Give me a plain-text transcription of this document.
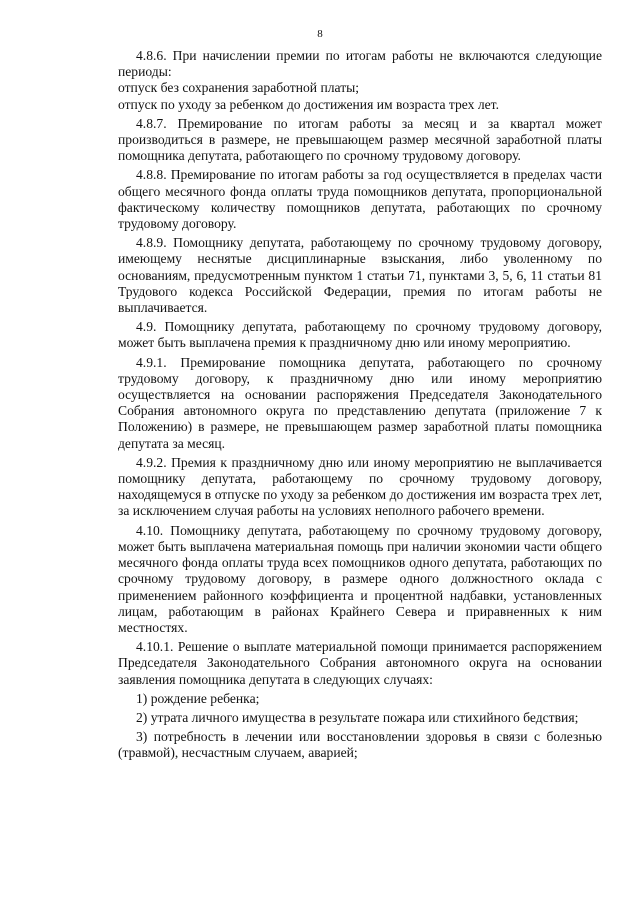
8

4.8.6. При начислении премии по итогам работы не включаются следующие периоды:

отпуск без сохранения заработной платы;

отпуск по уходу за ребенком до достижения им возраста трех лет.

4.8.7. Премирование по итогам работы за месяц и за квартал может производиться в размере, не превышающем размер месячной заработной платы помощника депутата, работающего по срочному трудовому договору.

4.8.8. Премирование по итогам работы за год осуществляется в пределах части общего месячного фонда оплаты труда помощников депутата, пропорциональной фактическому количеству помощников депутата, работающих по срочному трудовому договору.

4.8.9. Помощнику депутата, работающему по срочному трудовому договору, имеющему неснятые дисциплинарные взыскания, либо уволенному по основаниям, предусмотренным пунктом 1 статьи 71, пунктами 3, 5, 6, 11 статьи 81 Трудового кодекса Российской Федерации, премия по итогам работы не выплачивается.

4.9. Помощнику депутата, работающему по срочному трудовому договору, может быть выплачена премия к праздничному дню или иному мероприятию.

4.9.1. Премирование помощника депутата, работающего по срочному трудовому договору, к праздничному дню или иному мероприятию осуществляется на основании распоряжения Председателя Законодательного Собрания автономного округа по представлению депутата (приложение 7 к Положению) в размере, не превышающем размер заработной платы помощника депутата за месяц.

4.9.2. Премия к праздничному дню или иному мероприятию не выплачивается помощнику депутата, работающему по срочному трудовому договору, находящемуся в отпуске по уходу за ребенком до достижения им возраста трех лет, за исключением случая работы на условиях неполного рабочего времени.

4.10. Помощнику депутата, работающему по срочному трудовому договору, может быть выплачена материальная помощь при наличии экономии части общего месячного фонда оплаты труда всех помощников одного депутата, работающих по срочному трудовому договору, в размере одного должностного оклада с применением районного коэффициента и процентной надбавки, установленных лицам, работающим в районах Крайнего Севера и приравненных к ним местностях.

4.10.1. Решение о выплате материальной помощи принимается распоряжением Председателя Законодательного Собрания автономного округа на основании заявления помощника депутата в следующих случаях:

1) рождение ребенка;

2) утрата личного имущества в результате пожара или стихийного бедствия;

3) потребность в лечении или восстановлении здоровья в связи с болезнью (травмой), несчастным случаем, аварией;
